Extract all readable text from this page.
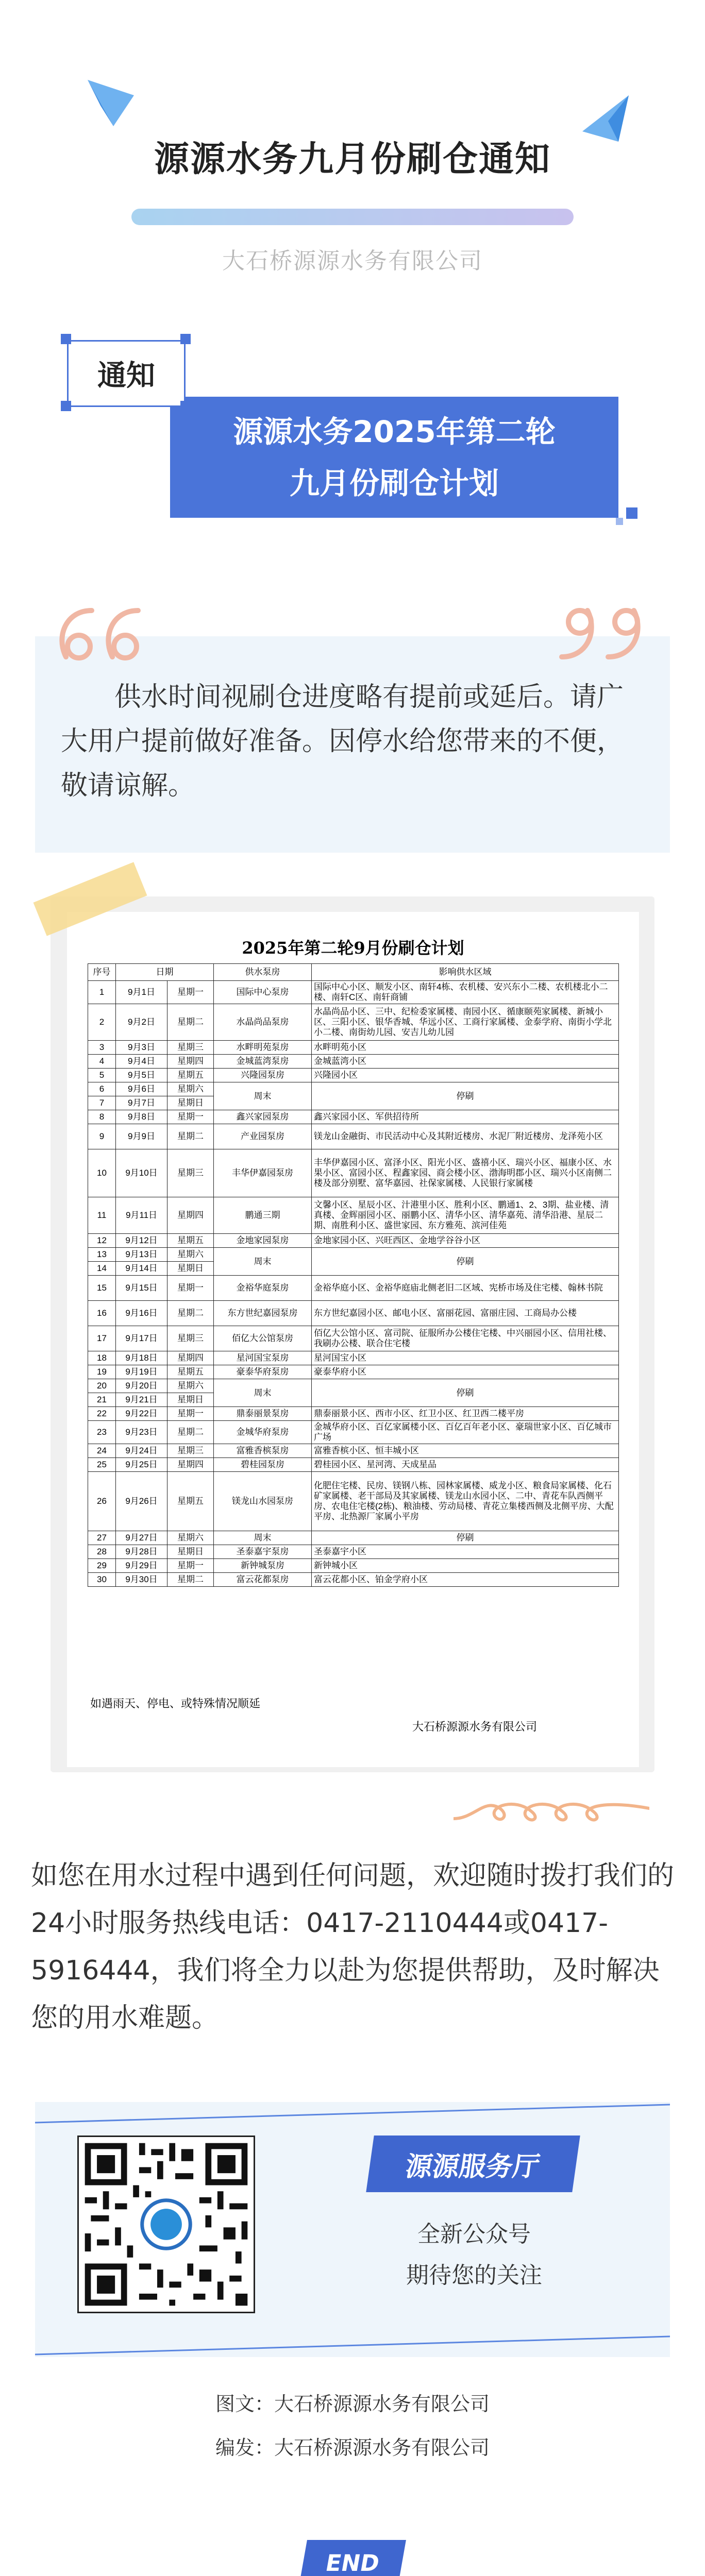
源源水务九月份刷仓通知
大石桥源源水务有限公司
源源水务2025年第二轮
九月份刷仓计划
通知
供水时间视刷仓进度略有提前或延后。请广大用户提前做好准备。因停水给您带来的不便，敬请谅解。
2025年第二轮9月份刷仓计划
序号	日期		供水泵房	影响供水区域
1	9月1日	星期一	国际中心泵房	国际中心小区、顺发小区、南轩4栋、农机楼、安兴东小二楼、农机楼北小二楼、南轩C区、南轩商铺
2	9月2日	星期二	水晶尚品泵房	水晶尚品小区、三中、纪检委家属楼、南园小区、循康颐苑家属楼、新城小区、三阳小区、银华香城、华远小区、工商行家属楼、金泰学府、南街小学北小二楼、南街幼儿园、安吉儿幼儿园
3	9月3日	星期三	水畔明苑泵房	水畔明苑小区
4	9月4日	星期四	金城蓝湾泵房	金城蓝湾小区
5	9月5日	星期五	兴隆园泵房	兴隆园小区
6	9月6日	星期六	周末	停刷
7	9月7日	星期日		
8	9月8日	星期一	鑫兴家园泵房	鑫兴家园小区、军供招待所
9	9月9日	星期二	产业园泵房	镁龙山金融街、市民活动中心及其附近楼房、水泥厂附近楼房、龙泽苑小区
10	9月10日	星期三	丰华伊嘉园泵房	丰华伊嘉园小区、富泽小区、阳光小区、盛禧小区、瑞兴小区、福康小区、水果小区、富园小区、程鑫家园、商会楼小区、渤海明郡小区、瑞兴小区南侧二楼及部分别墅、富华嘉园、社保家属楼、人民银行家属楼
11	9月11日	星期四	鹏通三期	文馨小区、星辰小区、汁港里小区、胜利小区、鹏通1、2、3期、盐业楼、清真楼、金辉丽园小区、丽鹏小区、清华小区、清华嘉苑、清华沿港、星辰二期、南胜利小区、盛世家园、东方雅苑、滨河佳苑
12	9月12日	星期五	金地家园泵房	金地家园小区、兴旺西区、金地学谷谷小区
13	9月13日	星期六	周末	停刷
14	9月14日	星期日		
15	9月15日	星期一	金裕华庭泵房	金裕华庭小区、金裕华庭庙北侧老旧二区域、宪桥市场及住宅楼、翰林书院
16	9月16日	星期二	东方世纪嘉园泵房	东方世纪嘉园小区、邮电小区、富丽花园、富丽庄园、工商局办公楼
17	9月17日	星期三	佰亿大公馆泵房	佰亿大公馆小区、富司院、征服所办公楼住宅楼、中兴丽园小区、信用社楼、我刷办公楼、联合住宅楼
18	9月18日	星期四	星河国宝泵房	星河国宝小区
19	9月19日	星期五	豪泰华府泵房	豪泰华府小区
20	9月20日	星期六	周末	停刷
21	9月21日	星期日		
22	9月22日	星期一	鼎泰丽景泵房	鼎泰丽景小区、西市小区、红卫小区、红卫西二楼平房
23	9月23日	星期二	金城华府泵房	金城华府小区、百亿家属楼小区、百亿百年老小区、豪瑞世家小区、百亿城市广场
24	9月24日	星期三	富雅香槟泵房	富雅香槟小区、恒丰城小区
25	9月25日	星期四	碧桂园泵房	碧桂园小区、星河湾、天成星品
26	9月26日	星期五	镁龙山水园泵房	化肥住宅楼、民房、镁钢八栋、园林家属楼、威龙小区、粮食局家属楼、化石矿家属楼、老干部局及其家属楼、镁龙山水园小区、二中、青花车队西侧平房、农电住宅楼(2栋)、粮油楼、劳动局楼、青花立集楼西侧及北侧平房、大配平房、北热源厂家属小平房
27	9月27日	星期六	周末	停刷
28	9月28日	星期日	圣泰嘉宇泵房	圣泰嘉宇小区
29	9月29日	星期一	新钟城泵房	新钟城小区
30	9月30日	星期二	富云花都泵房	富云花都小区、铂金学府小区
如遇雨天、停电、或特殊情况顺延
大石桥源源水务有限公司
如您在用水过程中遇到任何问题，欢迎随时拨打我们的24小时服务热线电话：0417-2110444或0417-5916444，我们将全力以赴为您提供帮助，及时解决您的用水难题。
源源服务厅
全新公众号
期待您的关注
图文：大石桥源源水务有限公司
编发：大石桥源源水务有限公司
END
